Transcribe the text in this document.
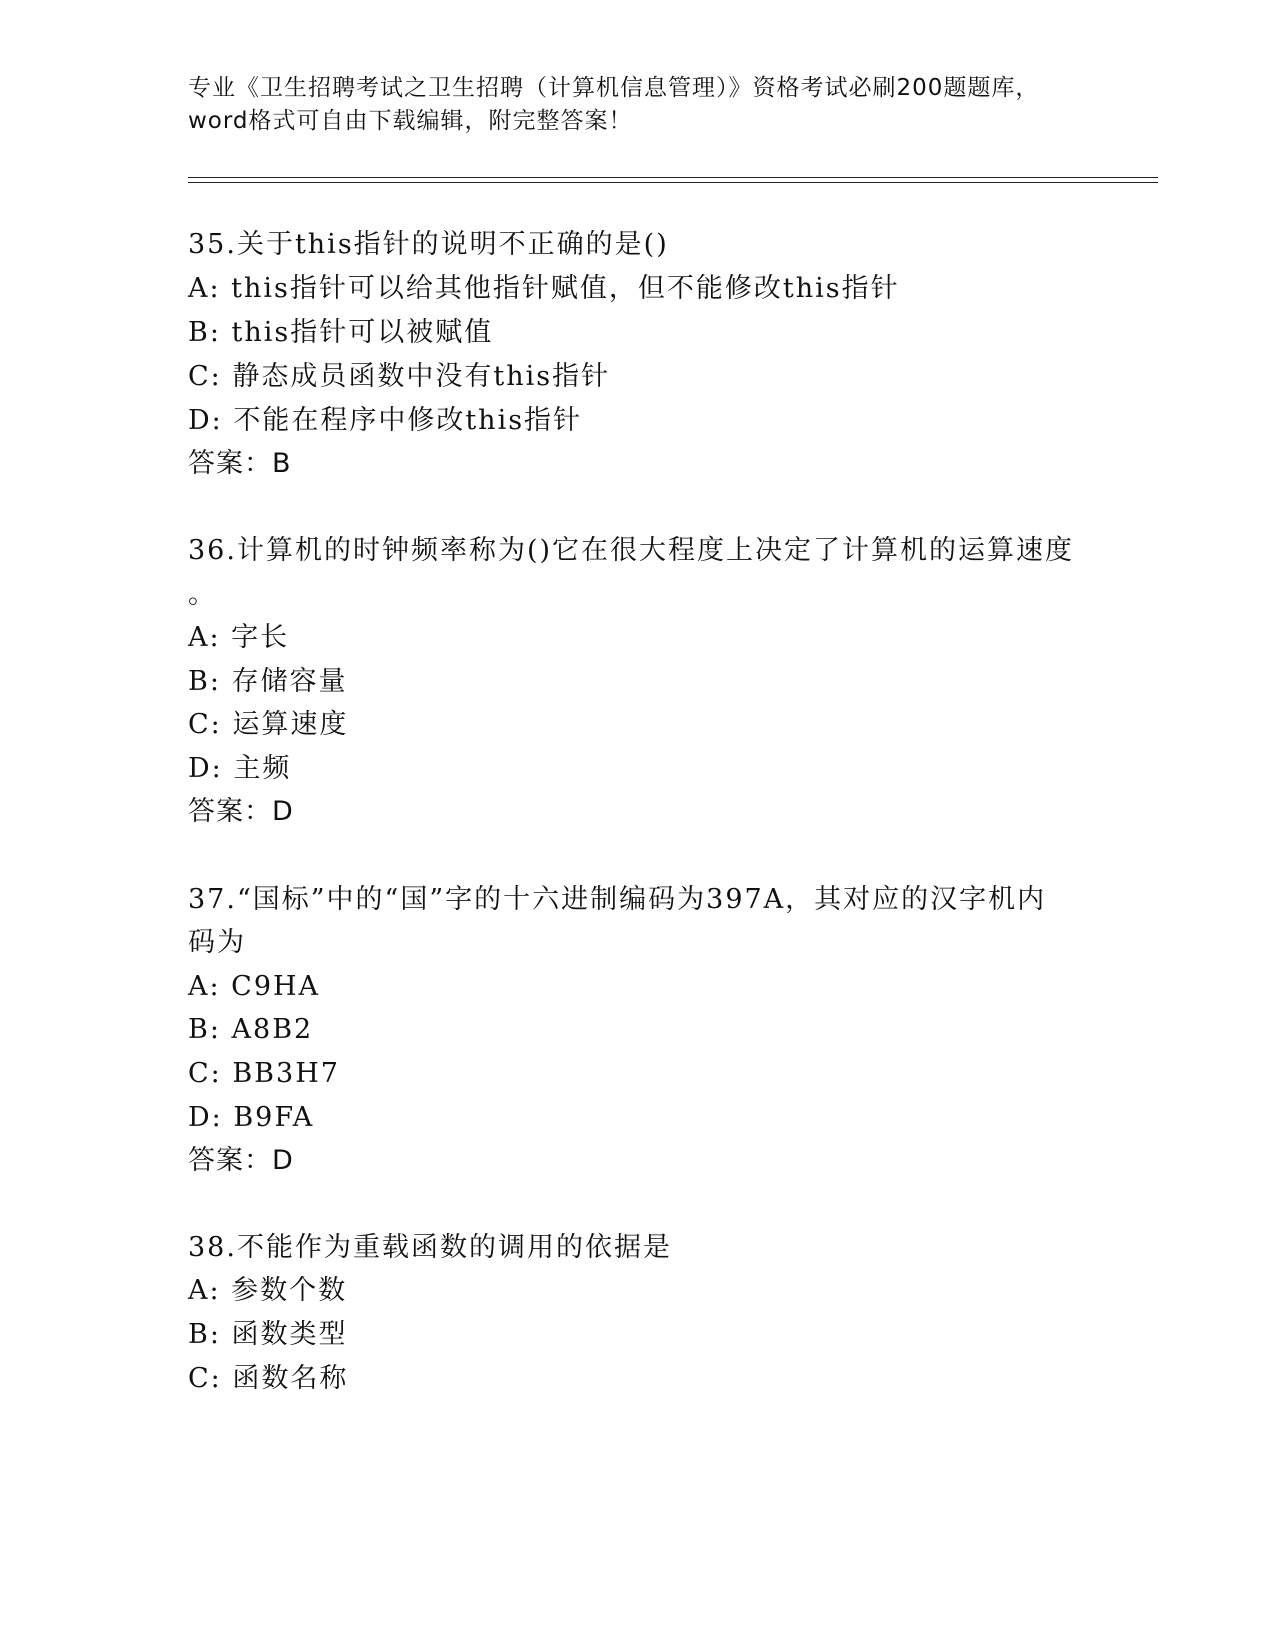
专业《卫生招聘考试之卫生招聘（计算机信息管理）》资格考试必刷200题题库，
word格式可自由下载编辑，附完整答案！
35.关于this指针的说明不正确的是()
A: this指针可以给其他指针赋值，但不能修改this指针
B: this指针可以被赋值
C: 静态成员函数中没有this指针
D: 不能在程序中修改this指针
答案：B
36.计算机的时钟频率称为()它在很大程度上决定了计算机的运算速度
。
A: 字长
B: 存储容量
C: 运算速度
D: 主频
答案：D
37.“国标”中的“国”字的十六进制编码为397A，其对应的汉字机内
码为
A: C9HA
B: A8B2
C: BB3H7
D: B9FA
答案：D
38.不能作为重载函数的调用的依据是
A: 参数个数
B: 函数类型
C: 函数名称
